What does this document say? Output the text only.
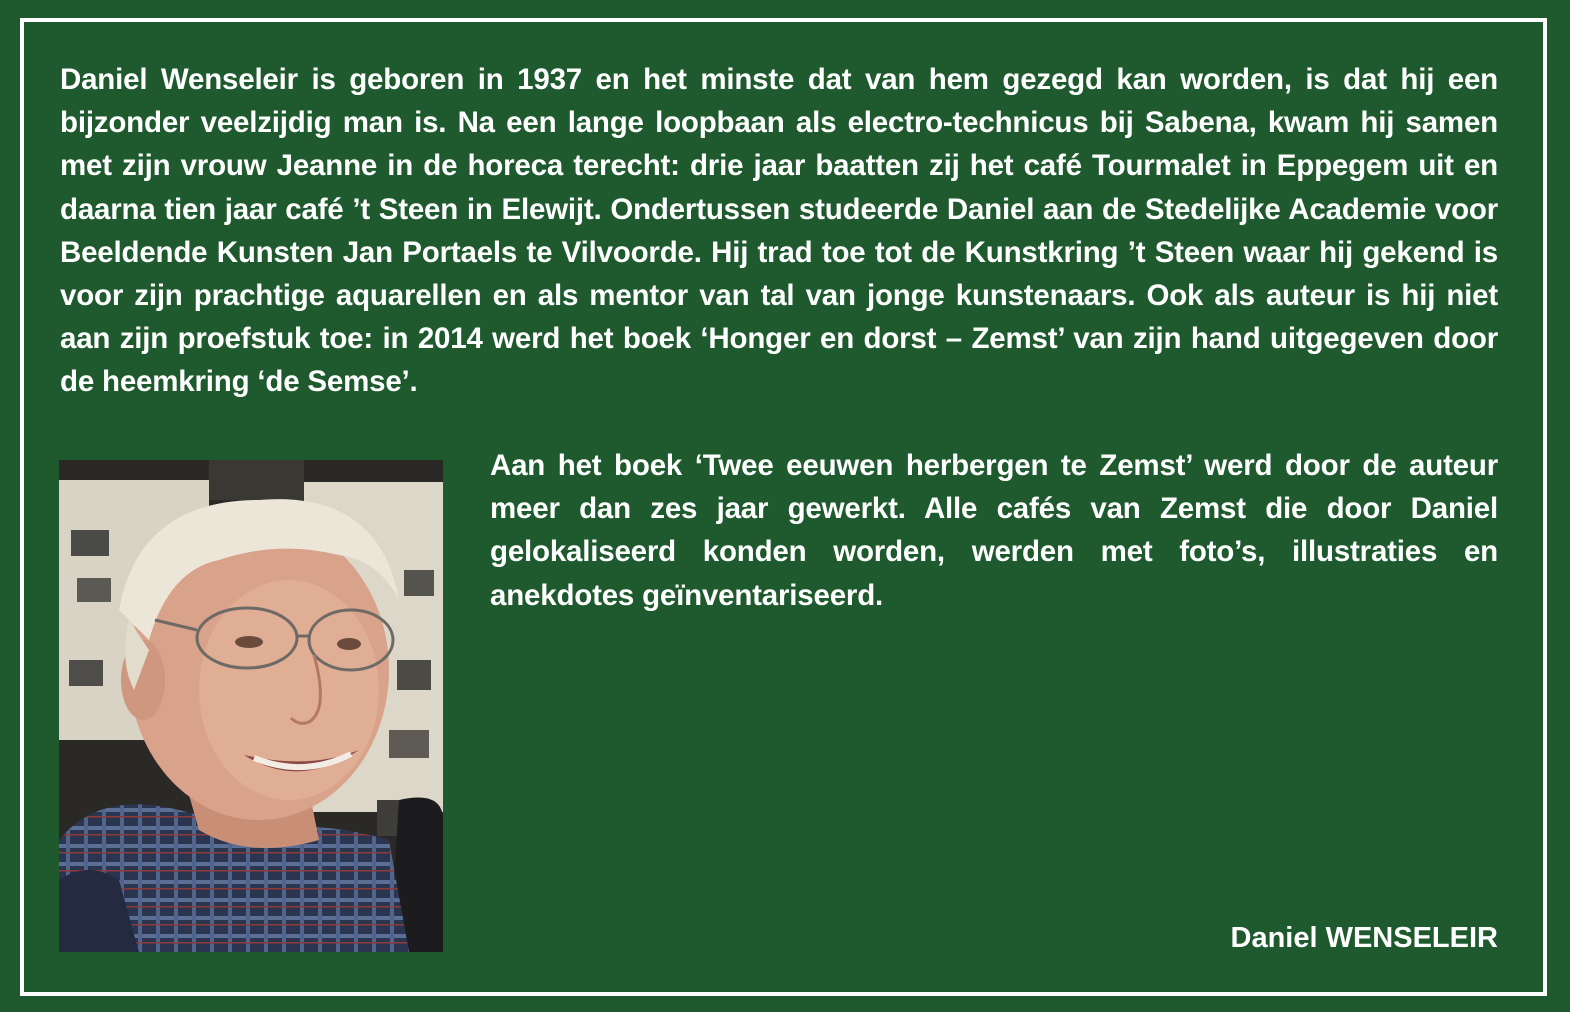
Daniel Wenseleir is geboren in 1937 en het minste dat van hem gezegd kan worden, is dat hij een bijzonder veelzijdig man is. Na een lange loopbaan als electro-technicus bij Sabena, kwam hij samen met zijn vrouw Jeanne in de horeca terecht: drie jaar baatten zij het café Tourmalet in Eppegem uit en daarna tien jaar café ’t Steen in Elewijt. Ondertussen studeerde Daniel aan de Stedelijke Academie voor Beeldende Kunsten Jan Portaels te Vilvoorde. Hij trad toe tot de Kunstkring ’t Steen waar hij gekend is voor zijn prachtige aquarellen en als mentor van tal van jonge kunstenaars. Ook als auteur is hij niet aan zijn proefstuk toe: in 2014 werd het boek ‘Honger en dorst – Zemst’ van zijn hand uitgegeven door de heemkring ‘de Semse’.

Aan het boek ‘Twee eeuwen herbergen te Zemst’ werd door de auteur meer dan zes jaar gewerkt. Alle cafés van Zemst die door Daniel gelokaliseerd konden worden, werden met foto’s, illustraties en anekdotes geïnventariseerd.

Daniel WENSELEIR
